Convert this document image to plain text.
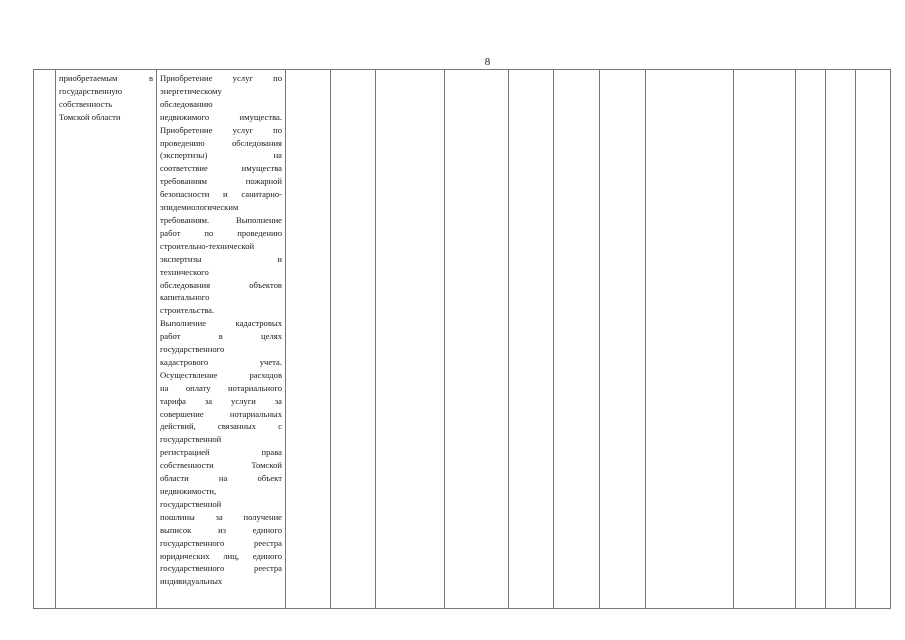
8

приобретаемым в
государственную
собственность
Томской области

Приобретение услуг по
энергетическому
обследованию
недвижимого имущества.
Приобретение услуг по
проведению обследования
(экспертизы) на
соответствие имущества
требованиям пожарной
безопасности и санитарно-
эпидемиологическим
требованиям. Выполнение
работ по проведению
строительно-технической
экспертизы и
технического
обследования объектов
капитального
строительства.
Выполнение кадастровых
работ в целях
государственного
кадастрового учета.
Осуществление расходов
на оплату нотариального
тарифа за услуги за
совершение нотариальных
действий, связанных с
государственной
регистрацией права
собственности Томской
области на объект
недвижимости,
государственной
пошлины за получение
выписок из единого
государственного реестра
юридических лиц, единого
государственного реестра
индивидуальных
